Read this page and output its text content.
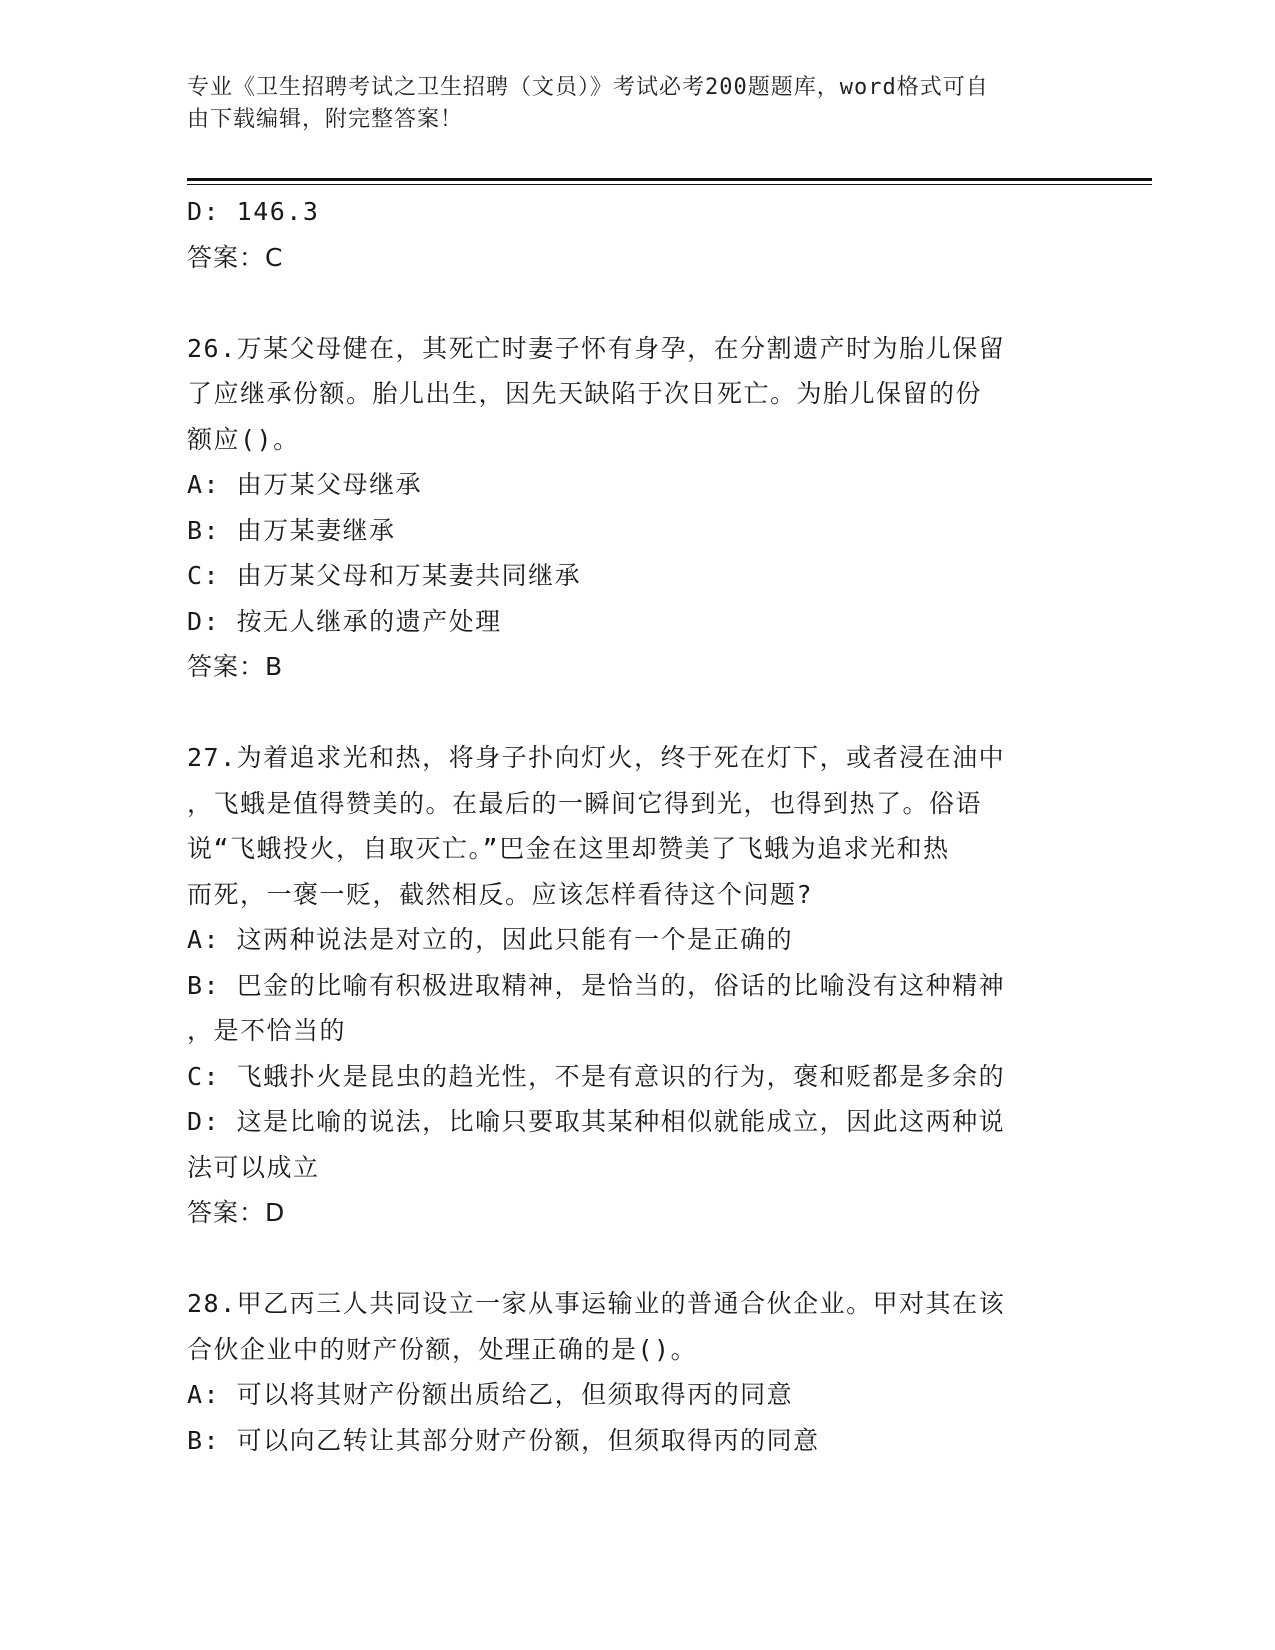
专业《卫生招聘考试之卫生招聘（文员）》考试必考200题题库，word格式可自
由下载编辑，附完整答案！
D: 146.3
答案：C
26.万某父母健在，其死亡时妻子怀有身孕，在分割遗产时为胎儿保留
了应继承份额。胎儿出生，因先天缺陷于次日死亡。为胎儿保留的份
额应()。
A: 由万某父母继承
B: 由万某妻继承
C: 由万某父母和万某妻共同继承
D: 按无人继承的遗产处理
答案：B
27.为着追求光和热，将身子扑向灯火，终于死在灯下，或者浸在油中
，飞蛾是值得赞美的。在最后的一瞬间它得到光，也得到热了。俗语
说“飞蛾投火，自取灭亡。”巴金在这里却赞美了飞蛾为追求光和热
而死，一褒一贬，截然相反。应该怎样看待这个问题?
A: 这两种说法是对立的，因此只能有一个是正确的
B: 巴金的比喻有积极进取精神，是恰当的，俗话的比喻没有这种精神
，是不恰当的
C: 飞蛾扑火是昆虫的趋光性，不是有意识的行为，褒和贬都是多余的
D: 这是比喻的说法，比喻只要取其某种相似就能成立，因此这两种说
法可以成立
答案：D
28.甲乙丙三人共同设立一家从事运输业的普通合伙企业。甲对其在该
合伙企业中的财产份额，处理正确的是()。
A: 可以将其财产份额出质给乙，但须取得丙的同意
B: 可以向乙转让其部分财产份额，但须取得丙的同意
